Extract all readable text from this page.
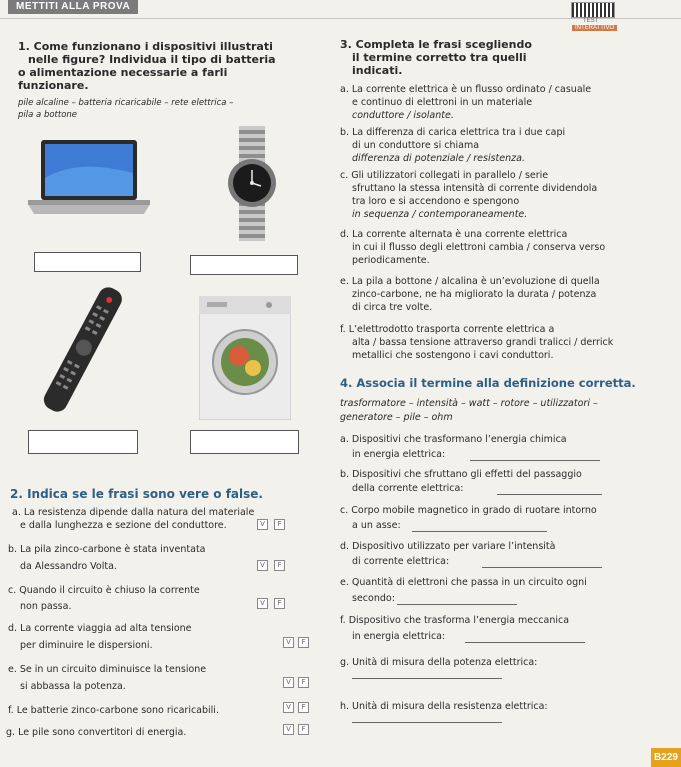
METTITI ALLA PROVA
TEST
INTERATTIVO
1. Come funzionano i dispositivi illustrati
nelle figure? Individua il tipo di batteria
o alimentazione necessarie a farli
funzionare.
pile alcaline – batteria ricaricabile – rete elettrica –
pila a bottone
2. Indica se le frasi sono vere o false.
a. La resistenza dipende dalla natura del materiale
e dalla lunghezza e sezione del conduttore.	V	F
b. La pila zinco-carbone è stata inventata
da Alessandro Volta.	V	F
c. Quando il circuito è chiuso la corrente
non passa.	V	F
d. La corrente viaggia ad alta tensione
per diminuire le dispersioni.	V	F
e. Se in un circuito diminuisce la tensione
si abbassa la potenza.	V	F
f. Le batterie zinco-carbone sono ricaricabili.	V	F
g. Le pile sono convertitori di energia.	V	F
3. Completa le frasi scegliendo
il termine corretto tra quelli
indicati.
a. La corrente elettrica è un flusso ordinato / casuale
e continuo di elettroni in un materiale
conduttore / isolante.
b. La differenza di carica elettrica tra i due capi
di un conduttore si chiama
differenza di potenziale / resistenza.
c. Gli utilizzatori collegati in parallelo / serie
sfruttano la stessa intensità di corrente dividendola
tra loro e si accendono e spengono
in sequenza / contemporaneamente.
d. La corrente alternata è una corrente elettrica
in cui il flusso degli elettroni cambia / conserva verso
periodicamente.
e. La pila a bottone / alcalina è un’evoluzione di quella
zinco-carbone, ne ha migliorato la durata / potenza
di circa tre volte.
f. L’elettrodotto trasporta corrente elettrica a
alta / bassa tensione attraverso grandi tralicci / derrick
metallici che sostengono i cavi conduttori.
4. Associa il termine alla definizione corretta.
trasformatore – intensità – watt – rotore – utilizzatori –
generatore – pile – ohm
a. Dispositivi che trasformano l’energia chimica
in energia elettrica:
b. Dispositivi che sfruttano gli effetti del passaggio
della corrente elettrica:
c. Corpo mobile magnetico in grado di ruotare intorno
a un asse:
d. Dispositivo utilizzato per variare l’intensità
di corrente elettrica:
e. Quantità di elettroni che passa in un circuito ogni
secondo:
f. Dispositivo che trasforma l’energia meccanica
in energia elettrica:
g. Unità di misura della potenza elettrica:
h. Unità di misura della resistenza elettrica:
B229
